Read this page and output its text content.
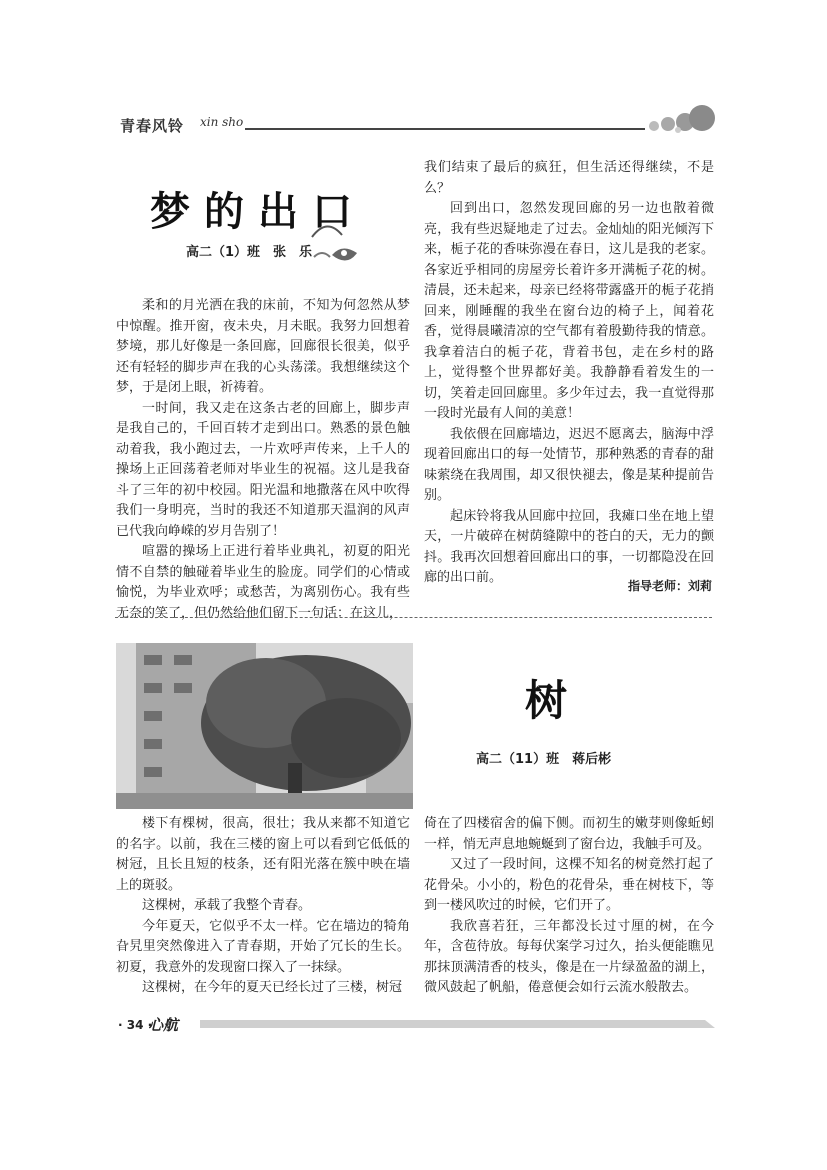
青春风铃 xin sho
梦的出口
高二（1）班　张　乐

柔和的月光洒在我的床前，不知为何忽然从梦中惊醒。推开窗，夜未央，月未眠。我努力回想着梦境，那儿好像是一条回廊，回廊很长很美，似乎还有轻轻的脚步声在我的心头荡漾。我想继续这个梦，于是闭上眼，祈祷着。

一时间，我又走在这条古老的回廊上，脚步声是我自己的，千回百转才走到出口。熟悉的景色触动着我，我小跑过去，一片欢呼声传来，上千人的操场上正回荡着老师对毕业生的祝福。这儿是我奋斗了三年的初中校园。阳光温和地撒落在风中吹得我们一身明亮，当时的我还不知道那天温润的风声已代我向峥嵘的岁月告别了！

喧嚣的操场上正进行着毕业典礼，初夏的阳光情不自禁的触碰着毕业生的脸庞。同学们的心情或愉悦，为毕业欢呼；或愁苦，为离别伤心。我有些无奈的笑了，但仍然给他们留下一句话：在这儿，

我们结束了最后的疯狂，但生活还得继续，不是么？

回到出口，忽然发现回廊的另一边也散着微亮，我有些迟疑地走了过去。金灿灿的阳光倾泻下来，栀子花的香味弥漫在春日，这儿是我的老家。各家近乎相同的房屋旁长着许多开满栀子花的树。清晨，还未起来，母亲已经将带露盛开的栀子花捎回来，刚睡醒的我坐在窗台边的椅子上，闻着花香，觉得晨曦清凉的空气都有着殷勤待我的情意。我拿着洁白的栀子花，背着书包，走在乡村的路上，觉得整个世界都好美。我静静看着发生的一切，笑着走回回廊里。多少年过去，我一直觉得那一段时光最有人间的美意！

我依偎在回廊墙边，迟迟不愿离去，脑海中浮现着回廊出口的每一处情节，那种熟悉的青春的甜味萦绕在我周围，却又很快褪去，像是某种提前告别。

起床铃将我从回廊中拉回，我瘫口坐在地上望天，一片破碎在树荫缝隙中的苍白的天，无力的颤抖。我再次回想着回廊出口的事，一切都隐没在回廊的出口前。

指导老师：刘莉
树
高二（11）班　蒋后彬

楼下有棵树，很高，很壮；我从来都不知道它的名字。以前，我在三楼的窗上可以看到它低低的树冠，且长且短的枝条，还有阳光落在簇中映在墙上的斑驳。

这棵树，承载了我整个青春。

今年夏天，它似乎不太一样。它在墙边的犄角旮旯里突然像进入了青春期，开始了冗长的生长。初夏，我意外的发现窗口探入了一抹绿。

这棵树，在今年的夏天已经长过了三楼，树冠

倚在了四楼宿舍的偏下侧。而初生的嫩芽则像蚯蚓一样，悄无声息地蜿蜒到了窗台边，我触手可及。

又过了一段时间，这棵不知名的树竟然打起了花骨朵。小小的，粉色的花骨朵，垂在树枝下，等到一楼风吹过的时候，它们开了。

我欣喜若狂，三年都没长过寸厘的树，在今年，含苞待放。每每伏案学习过久，抬头便能瞧见那抹顶满清香的枝头，像是在一片绿盈盈的湖上，微风鼓起了帆船，倦意便会如行云流水般散去。

· 34 ·
心航
